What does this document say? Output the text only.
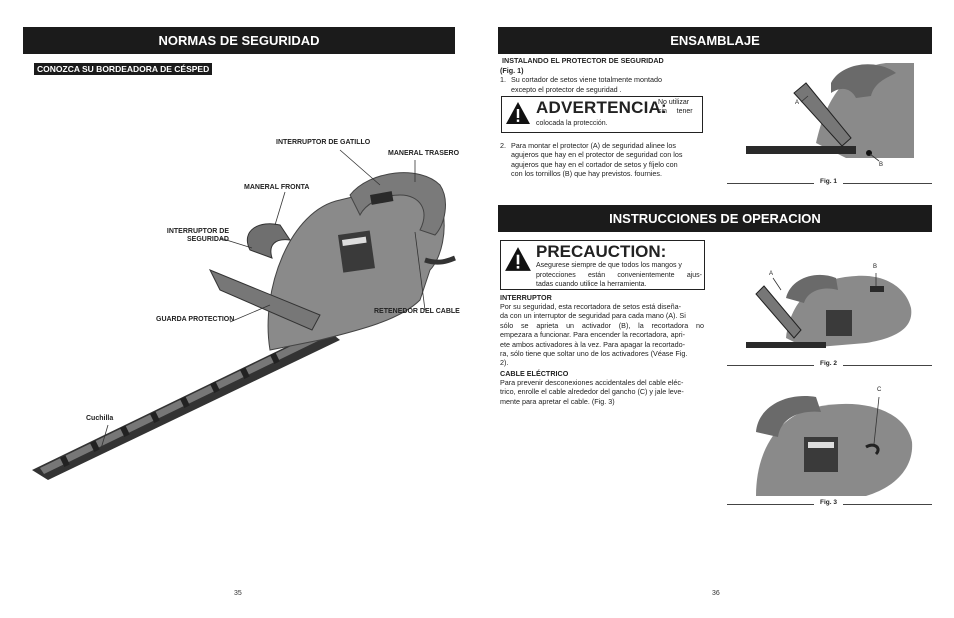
NORMAS DE SEGURIDAD
CONOZCA SU BORDEADORA DE CÉSPED
INTERRUPTOR DE GATILLO
MANERAL TRASERO
MANERAL FRONTA
INTERRUPTOR DE
SEGURIDAD
GUARDA PROTECTION
RETENEDOR DEL CABLE
Cuchilla
35
ENSAMBLAJE
INSTALANDO EL PROTECTOR DE SEGURIDAD
(Fig. 1)
1. Su cortador de setos viene totalmente montado
excepto el protector de seguridad .
ADVERTENCIA:
No utilizar
sin     tener
colocada la protección.
2. Para montar el protector (A) de seguridad alinee los
agujeros que hay en el protector de seguridad con los
agujeros que hay en el cortador de setos y fíjelo con
con los tornillos (B) que hay previstos. fournies.
A
B
Fig. 1
INSTRUCCIONES DE OPERACION
PRECAUCTION:
Asegurese siempre de que todos los mangos y
protecciones están convenientemente ajus-
tadas cuando utilice la herramienta.
INTERRUPTOR
Por su seguridad, esta recortadora de setos está diseña-
da con un interruptor de seguridad para cada mano (A). Si
sólo se aprieta un activador (B), la recortadora no
empezara a funcionar. Para encender la recortadora, apri-
ete ambos activadores à la vez. Para apagar la recortado-
ra, sólo tiene que soltar uno de los activadores (Véase Fig.
2).
CABLE ELÉCTRICO
Para prevenir desconexiones accidentales del cable eléc-
trico, enrolle el cable alrededor del gancho (C) y jale leve-
mente para apretar el cable. (Fig. 3)
A
B
Fig. 2
C
Fig. 3
36
